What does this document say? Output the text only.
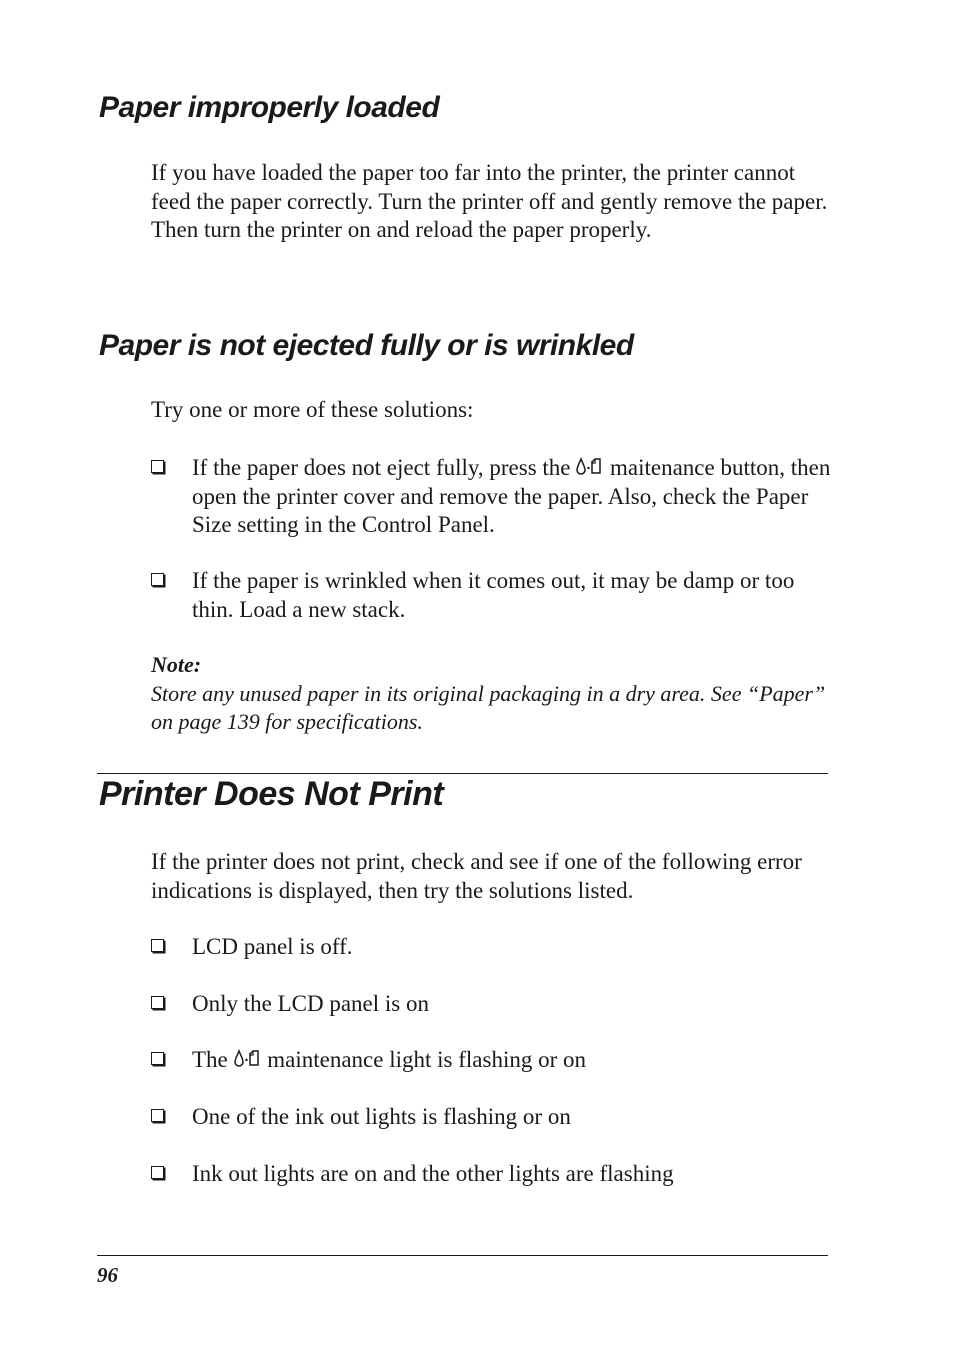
Paper improperly loaded

If you have loaded the paper too far into the printer, the printer cannot feed the paper correctly. Turn the printer off and gently remove the paper. Then turn the printer on and reload the paper properly.

Paper is not ejected fully or is wrinkled

Try one or more of these solutions:

If the paper does not eject fully, press the
maitenance button, then open the printer cover and remove the paper. Also, check the Paper Size setting in the Control Panel.

If the paper is wrinkled when it comes out, it may be damp or too thin. Load a new stack.

Note:

Store any unused paper in its original packaging in a dry area. See “Paper” on page 139 for specifications.

Printer Does Not Print

If the printer does not print, check and see if one of the following error indications is displayed, then try the solutions listed.

LCD panel is off.

Only the LCD panel is on

The
maintenance light is flashing or on

One of the ink out lights is flashing or on

Ink out lights are on and the other lights are flashing

96
